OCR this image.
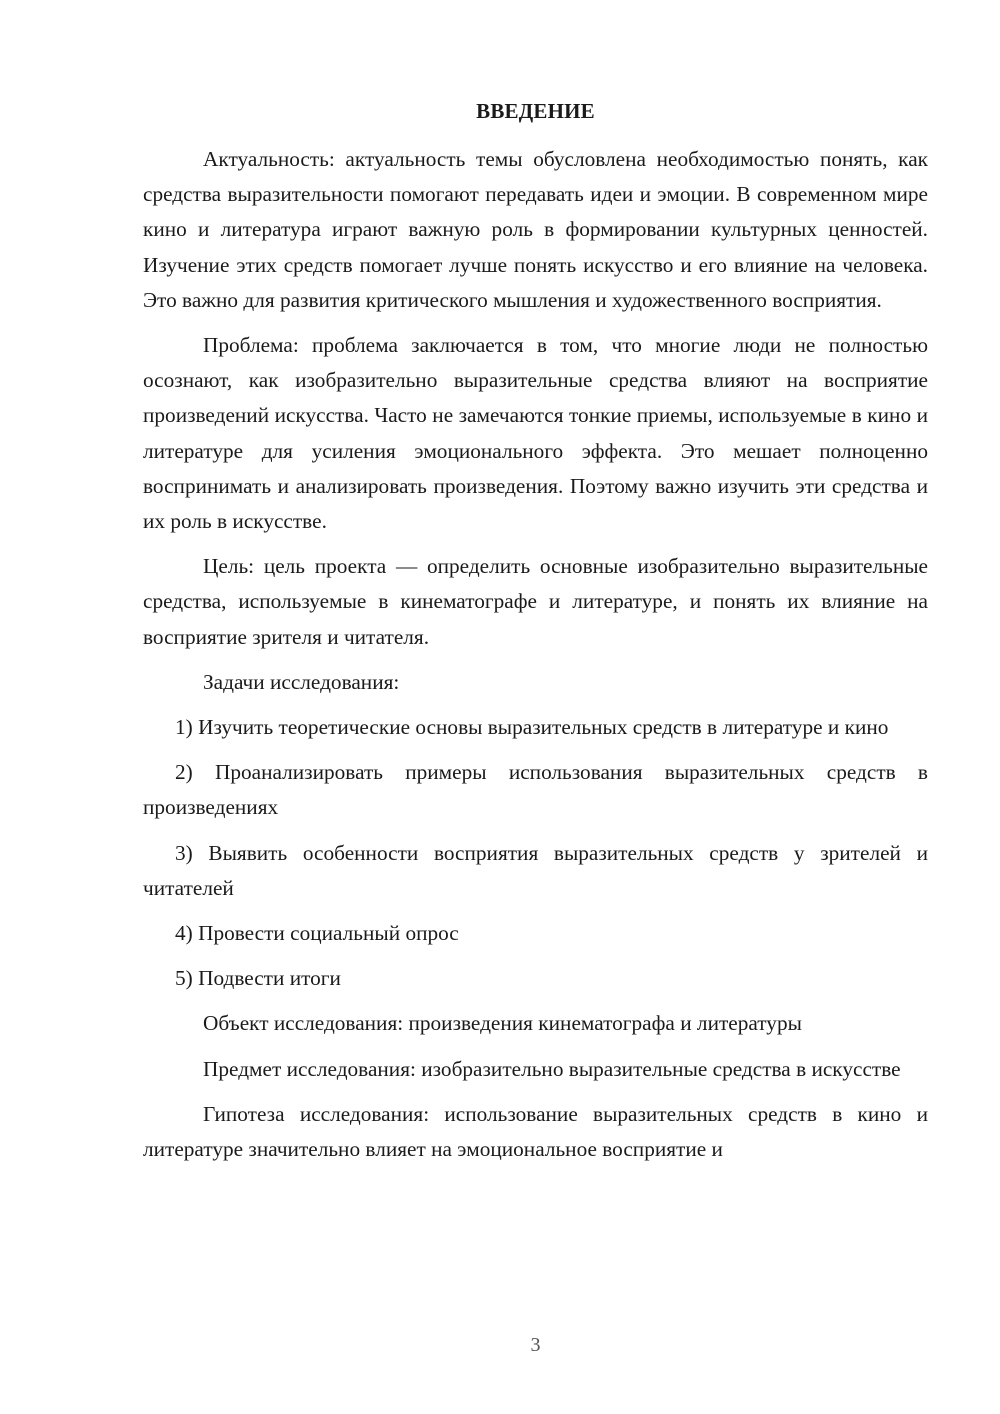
ВВЕДЕНИЕ

Актуальность: актуальность темы обусловлена необходимостью понять, как средства выразительности помогают передавать идеи и эмоции. В современном мире кино и литература играют важную роль в формировании культурных ценностей. Изучение этих средств помогает лучше понять искусство и его влияние на человека. Это важно для развития критического мышления и художественного восприятия.

Проблема: проблема заключается в том, что многие люди не полностью осознают, как изобразительно выразительные средства влияют на восприятие произведений искусства. Часто не замечаются тонкие приемы, используемые в кино и литературе для усиления эмоционального эффекта. Это мешает полноценно воспринимать и анализировать произведения. Поэтому важно изучить эти средства и их роль в искусстве.

Цель: цель проекта — определить основные изобразительно выразительные средства, используемые в кинематографе и литературе, и понять их влияние на восприятие зрителя и читателя.

Задачи исследования:

1) Изучить теоретические основы выразительных средств в литературе и кино

2) Проанализировать примеры использования выразительных средств в произведениях

3) Выявить особенности восприятия выразительных средств у зрителей и читателей

4) Провести социальный опрос

5) Подвести итоги

Объект исследования: произведения кинематографа и литературы

Предмет исследования: изобразительно выразительные средства в искусстве

Гипотеза исследования: использование выразительных средств в кино и литературе значительно влияет на эмоциональное восприятие и

3
